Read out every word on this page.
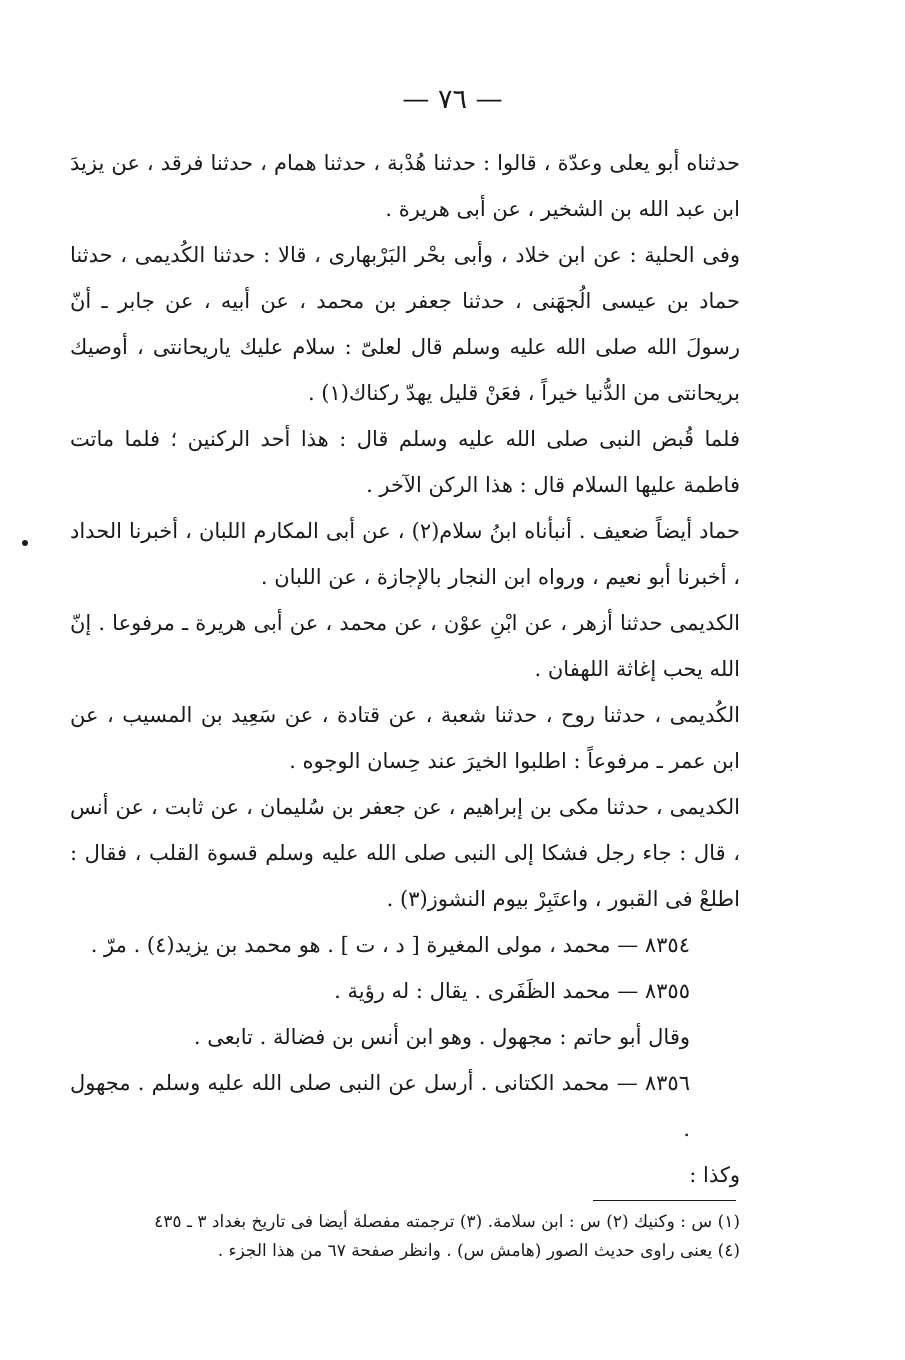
— ٧٦ —

حدثناه أبو يعلى وعدّة ، قالوا : حدثنا هُدْبة ، حدثنا همام ، حدثنا فرقد ، عن يزيدَ ابن عبد الله بن الشخير ، عن أبى هريرة .

وفى الحلية : عن ابن خلاد ، وأبى بحْر البَرْبهارى ، قالا : حدثنا الكُديمى ، حدثنا حماد بن عيسى الُجهَنى ، حدثنا جعفر بن محمد ، عن أبيه ، عن جابر ـ أنّ رسولَ الله صلى الله عليه وسلم قال لعلىّ : سلام عليك ياريحانتى ، أوصيك بريحانتى من الدُّنيا خيراً ، فعَنْ قليل يهدّ ركناك(١) .

فلما قُبض النبى صلى الله عليه وسلم قال : هذا أحد الركنين ؛ فلما ماتت فاطمة عليها السلام قال : هذا الركن الآخر .

حماد أيضاً ضعيف . أنبأناه ابنُ سلام(٢) ، عن أبى المكارم اللبان ، أخبرنا الحداد ، أخبرنا أبو نعيم ، ورواه ابن النجار بالإجازة ، عن اللبان .

الكديمى حدثنا أزهر ، عن ابْنِ عوْن ، عن محمد ، عن أبى هريرة ـ مرفوعا . إنّ الله يحب إغاثة اللهفان .

الكُديمى ، حدثنا روح ، حدثنا شعبة ، عن قتادة ، عن سَعِيد بن المسيب ، عن ابن عمر ـ مرفوعاً : اطلبوا الخيرَ عند حِسان الوجوه .

الكديمى ، حدثنا مكى بن إبراهيم ، عن جعفر بن سُليمان ، عن ثابت ، عن أنس ، قال : جاء رجل فشكا إلى النبى صلى الله عليه وسلم قسوة القلب ، فقال : اطلعْ فى القبور ، واعتَبِرْ بيوم النشوز(٣) .

٨٣٥٤ — محمد ، مولى المغيرة [ د ، ت ] . هو محمد بن يزيد(٤) . مرّ .

٨٣٥٥ — محمد الظَفَرى . يقال : له رؤية .

وقال أبو حاتم : مجهول . وهو ابن أنس بن فضالة . تابعى .

٨٣٥٦ — محمد الكتانى . أرسل عن النبى صلى الله عليه وسلم . مجهول .

وكذا :

(١) س : وكنيك (٢) س : ابن سلامة. (٣) ترجمته مفصلة أيضا فى تاريخ بغداد ٣ ـ ٤٣٥

(٤) يعنى راوى حديث الصور (هامش س) . وانظر صفحة ٦٧ من هذا الجزء .
